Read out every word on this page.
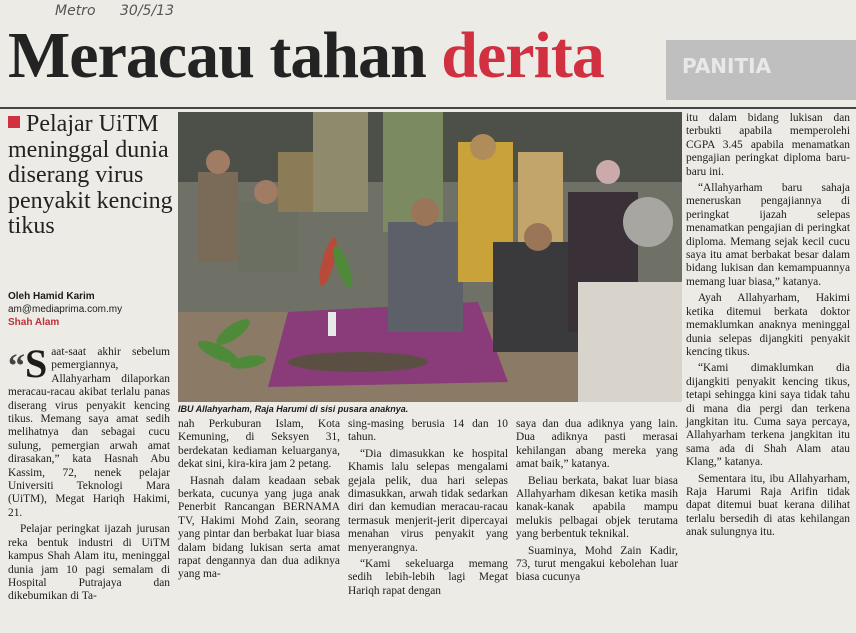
Metro 30/5/13
Meracau tahan derita	PANITIA
Pelajar UiTM meninggal dunia diserang virus penyakit kencing tikus
Oleh Hamid Karim
am@mediaprima.com.my
Shah Alam
IBU Allahyarham, Raja Harumi di sisi pusara anaknya.

“S aat-saat akhir sebelum pemergiannya, Allahyarham dilaporkan meracau-racau akibat terlalu panas diserang virus penyakit kencing tikus. Memang saya amat sedih melihatnya dan sebagai cucu sulung, pemergian arwah amat dirasakan,” kata Hasnah Abu Kassim, 72, nenek pelajar Universiti Teknologi Mara (UiTM), Megat Hariqh Hakimi, 21.

Pelajar peringkat ijazah jurusan reka bentuk industri di UiTM kampus Shah Alam itu, meninggal dunia jam 10 pagi semalam di Hospital Putrajaya dan dikebumikan di Ta-

nah Perkuburan Islam, Kota Kemuning, di Seksyen 31, berdekatan kediaman keluarganya, dekat sini, kira-kira jam 2 petang.

Hasnah dalam keadaan sebak berkata, cucunya yang juga anak Penerbit Rancangan BERNAMA TV, Hakimi Mohd Zain, seorang yang pintar dan berbakat luar biasa dalam bidang lukisan serta amat rapat dengannya dan dua adiknya yang ma-

sing-masing berusia 14 dan 10 tahun.

“Dia dimasukkan ke hospital Khamis lalu selepas mengalami gejala pelik, dua hari selepas dimasukkan, arwah tidak sedarkan diri dan kemudian meracau-racau termasuk menjerit-jerit dipercayai menahan virus penyakit yang menyerangnya.

“Kami sekeluarga memang sedih lebih-lebih lagi Megat Hariqh rapat dengan

saya dan dua adiknya yang lain. Dua adiknya pasti merasai kehilangan abang mereka yang amat baik,” katanya.

Beliau berkata, bakat luar biasa Allahyarham dikesan ketika masih kanak-kanak apabila mampu melukis pelbagai objek terutama yang berbentuk teknikal.

Suaminya, Mohd Zain Kadir, 73, turut mengakui kebolehan luar biasa cucunya

itu dalam bidang lukisan dan terbukti apabila memperolehi CGPA 3.45 apabila menamatkan pengajian peringkat diploma baru-baru ini.

“Allahyarham baru sahaja meneruskan pengajiannya di peringkat ijazah selepas menamatkan pengajian di peringkat diploma. Memang sejak kecil cucu saya itu amat berbakat besar dalam bidang lukisan dan kemampuannya memang luar biasa,” katanya.

Ayah Allahyarham, Hakimi ketika ditemui berkata doktor memaklumkan anaknya meninggal dunia selepas dijangkiti penyakit kencing tikus.

“Kami dimaklumkan dia dijangkiti penyakit kencing tikus, tetapi sehingga kini saya tidak tahu di mana dia pergi dan terkena jangkitan itu. Cuma saya percaya, Allahyarham terkena jangkitan itu sama ada di Shah Alam atau Klang,” katanya.

Sementara itu, ibu Allahyarham, Raja Harumi Raja Arifin tidak dapat ditemui buat kerana dilihat terlalu bersedih di atas kehilangan anak sulungnya itu.
